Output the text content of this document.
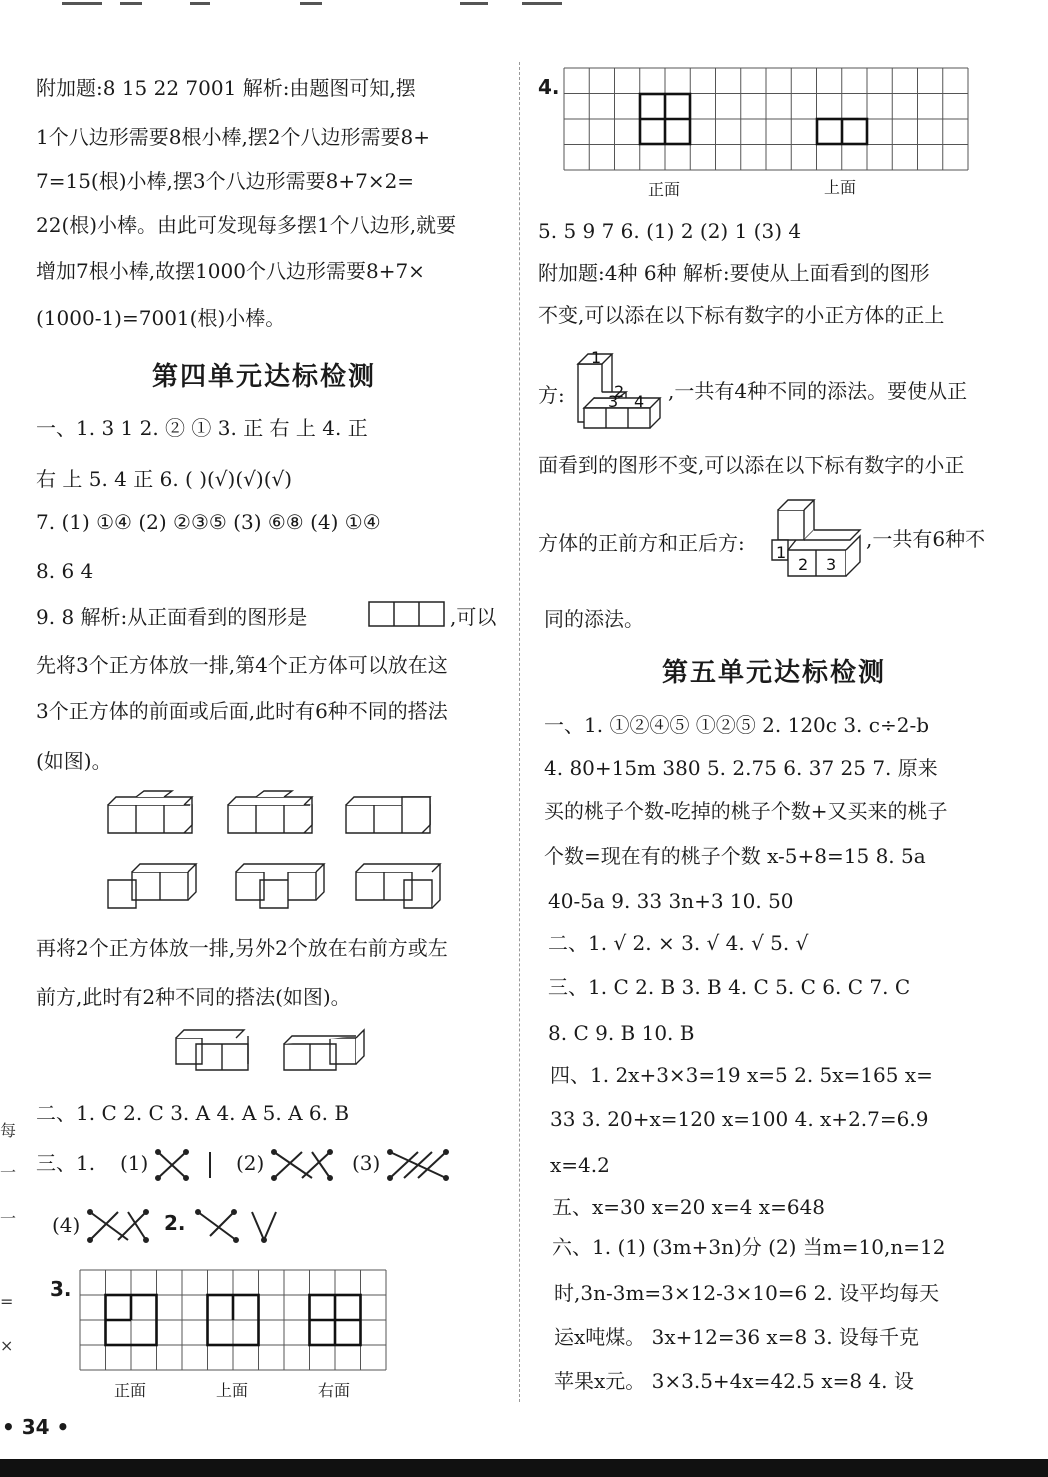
附加题:8 15 22 7001 解析:由题图可知,摆
1个八边形需要8根小棒,摆2个八边形需要8+
7=15(根)小棒,摆3个八边形需要8+7×2=
22(根)小棒。由此可发现每多摆1个八边形,就要
增加7根小棒,故摆1000个八边形需要8+7×
(1000-1)=7001(根)小棒。
第四单元达标检测
一、1. 3 1 2. ② ① 3. 正 右 上 4. 正
右 上 5. 4 正 6. ( )(√)(√)(√)
7. (1) ①④ (2) ②③⑤ (3) ⑥⑧ (4) ①④
8. 6 4
9. 8 解析:从正面看到的图形是	,可以
先将3个正方体放一排,第4个正方体可以放在这
3个正方体的前面或后面,此时有6种不同的搭法
(如图)。
再将2个正方体放一排,另外2个放在右前方或左
前方,此时有2种不同的搭法(如图)。
二、1. C 2. C 3. A 4. A 5. A 6. B
三、1. (1)	(2)	(3)
(4)	2.
3.
正面	上面	右面
4.
正面	上面
5. 5 9 7 6. (1) 2 (2) 1 (3) 4
附加题:4种 6种 解析:要使从上面看到的图形
不变,可以添在以下标有数字的小正方体的正上
方:
1
2
3 4 ,一共有4种不同的添法。要使从正
面看到的图形不变,可以添在以下标有数字的小正
方体的正前方和正后方: 1
2 3
,一共有6种不
同的添法。
第五单元达标检测
一、1. ①②④⑤ ①②⑤ 2. 120c 3. c÷2-b
4. 80+15m 380 5. 2.75 6. 37 25 7. 原来
买的桃子个数-吃掉的桃子个数+又买来的桃子
个数=现在有的桃子个数 x-5+8=15 8. 5a
40-5a 9. 33 3n+3 10. 50
二、1. √ 2. × 3. √ 4. √ 5. √
三、1. C 2. B 3. B 4. C 5. C 6. C 7. C
8. C 9. B 10. B
四、1. 2x+3×3=19 x=5 2. 5x=165 x=
33 3. 20+x=120 x=100 4. x+2.7=6.9
x=4.2
五、x=30 x=20 x=4 x=648
六、1. (1) (3m+3n)分 (2) 当m=10,n=12
时,3n-3m=3×12-3×10=6 2. 设平均每天
运x吨煤。 3x+12=36 x=8 3. 设每千克
苹果x元。 3×3.5+4x=42.5 x=8 4. 设
每
一
一
=
×
• 34 •
